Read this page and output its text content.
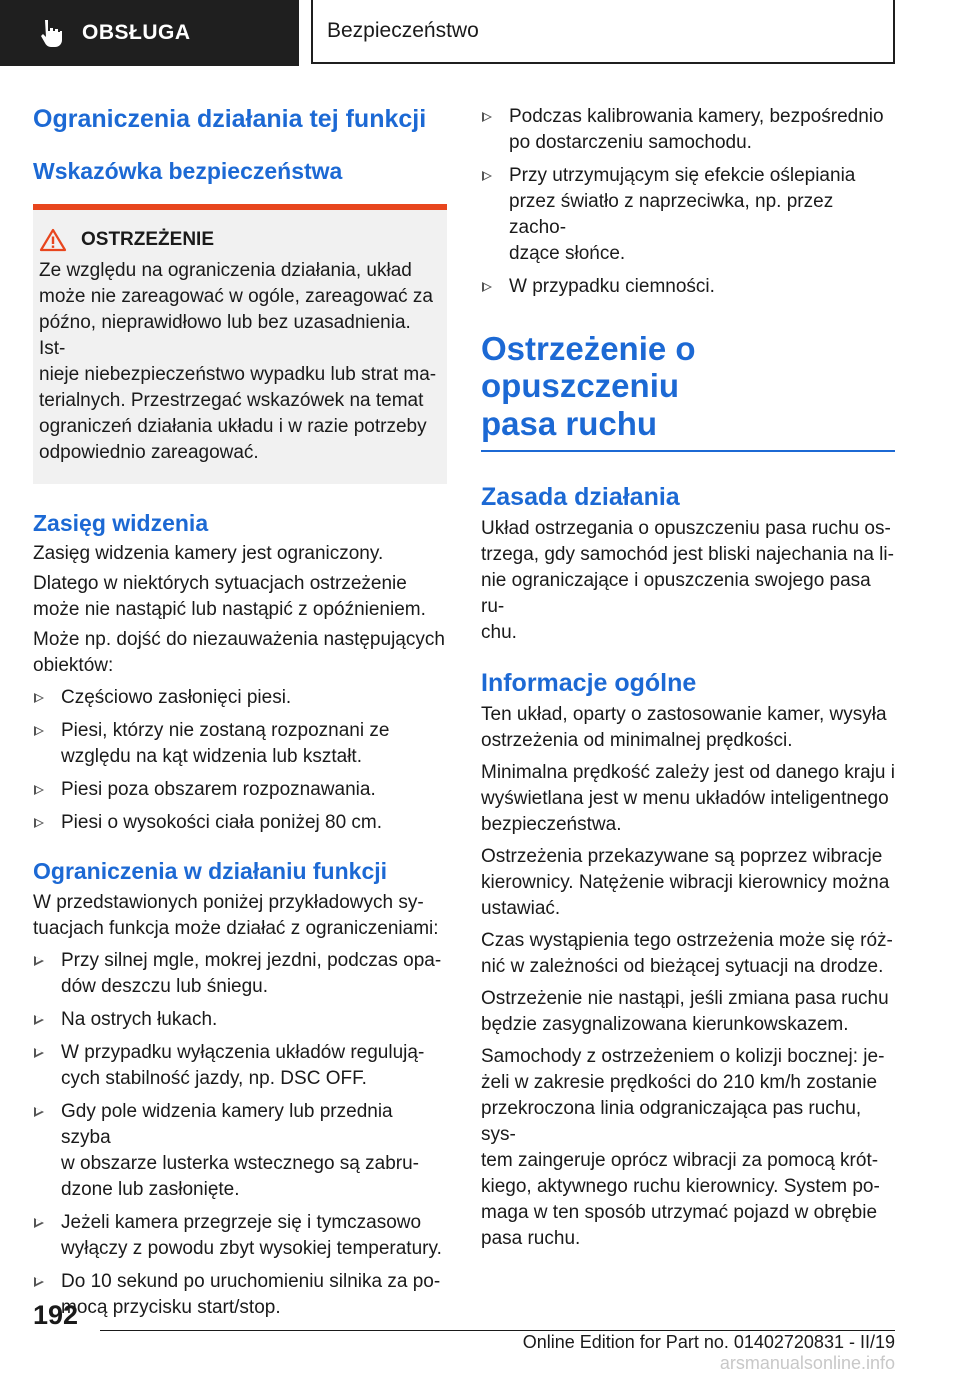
OBSŁUGA	Bezpieczeństwo
Ograniczenia działania tej funkcji
Wskazówka bezpieczeństwa
OSTRZEŻENIE

Ze względu na ograniczenia działania, układ
może nie zareagować w ogóle, zareagować za
późno, nieprawidłowo lub bez uzasadnienia. Ist-
nieje niebezpieczeństwo wypadku lub strat ma-
terialnych. Przestrzegać wskazówek na temat
ograniczeń działania układu i w razie potrzeby
odpowiednio zareagować.

Zasięg widzenia

Zasięg widzenia kamery jest ograniczony.

Dlatego w niektórych sytuacjach ostrzeżenie
może nie nastąpić lub nastąpić z opóźnieniem.

Może np. dojść do niezauważenia następujących
obiektów:

Częściowo zasłonięci piesi.
Piesi, którzy nie zostaną rozpoznani ze
względu na kąt widzenia lub kształt.
Piesi poza obszarem rozpoznawania.
Piesi o wysokości ciała poniżej 80 cm.
Ograniczenia w działaniu funkcji

W przedstawionych poniżej przykładowych sy-
tuacjach funkcja może działać z ograniczeniami:

Przy silnej mgle, mokrej jezdni, podczas opa-
dów deszczu lub śniegu.
Na ostrych łukach.
W przypadku wyłączenia układów regulują-
cych stabilność jazdy, np. DSC OFF.
Gdy pole widzenia kamery lub przednia szyba
w obszarze lusterka wstecznego są zabru-
dzone lub zasłonięte.
Jeżeli kamera przegrzeje się i tymczasowo
wyłączy z powodu zbyt wysokiej temperatury.
Do 10 sekund po uruchomieniu silnika za po-
mocą przycisku start/stop.
Podczas kalibrowania kamery, bezpośrednio
po dostarczeniu samochodu.
Przy utrzymującym się efekcie oślepiania
przez światło z naprzeciwka, np. przez zacho-
dzące słońce.
W przypadku ciemności.
Ostrzeżenie o opuszczeniu
pasa ruchu
Zasada działania

Układ ostrzegania o opuszczeniu pasa ruchu os-
trzega, gdy samochód jest bliski najechania na li-
nie ograniczające i opuszczenia swojego pasa ru-
chu.

Informacje ogólne

Ten układ, oparty o zastosowanie kamer, wysyła
ostrzeżenia od minimalnej prędkości.

Minimalna prędkość zależy jest od danego kraju i
wyświetlana jest w menu układów inteligentnego
bezpieczeństwa.

Ostrzeżenia przekazywane są poprzez wibracje
kierownicy. Natężenie wibracji kierownicy można
ustawiać.

Czas wystąpienia tego ostrzeżenia może się róż-
nić w zależności od bieżącej sytuacji na drodze.

Ostrzeżenie nie nastąpi, jeśli zmiana pasa ruchu
będzie zasygnalizowana kierunkowskazem.

Samochody z ostrzeżeniem o kolizji bocznej: je-
żeli w zakresie prędkości do 210 km/h zostanie
przekroczona linia odgraniczająca pas ruchu, sys-
tem zaingeruje oprócz wibracji za pomocą krót-
kiego, aktywnego ruchu kierownicy. System po-
maga w ten sposób utrzymać pojazd w obrębie
pasa ruchu.

192
Online Edition for Part no. 01402720831 - II/19 arsmanualsonline.info
